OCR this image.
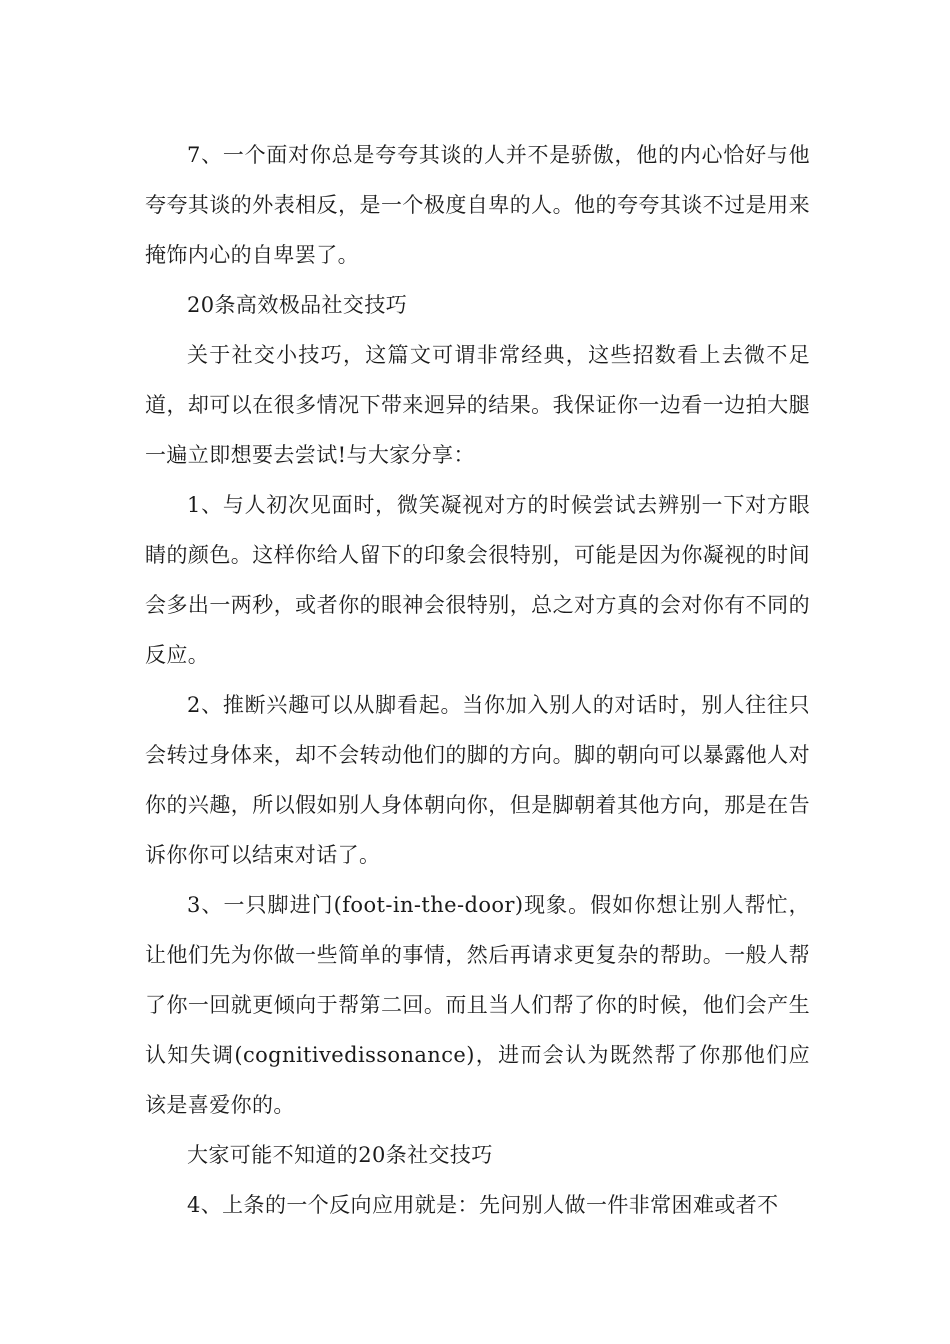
7、一个面对你总是夸夸其谈的人并不是骄傲，他的内心恰好与他夸夸其谈的外表相反，是一个极度自卑的人。他的夸夸其谈不过是用来掩饰内心的自卑罢了。

20条高效极品社交技巧

关于社交小技巧，这篇文可谓非常经典，这些招数看上去微不足道，却可以在很多情况下带来迥异的结果。我保证你一边看一边拍大腿一遍立即想要去尝试!与大家分享：

1、与人初次见面时，微笑凝视对方的时候尝试去辨别一下对方眼睛的颜色。这样你给人留下的印象会很特别，可能是因为你凝视的时间会多出一两秒，或者你的眼神会很特别，总之对方真的会对你有不同的反应。

2、推断兴趣可以从脚看起。当你加入别人的对话时，别人往往只会转过身体来，却不会转动他们的脚的方向。脚的朝向可以暴露他人对你的兴趣，所以假如别人身体朝向你，但是脚朝着其他方向，那是在告诉你你可以结束对话了。

3、一只脚进门(foot-in-the-door)现象。假如你想让别人帮忙，让他们先为你做一些简单的事情，然后再请求更复杂的帮助。一般人帮了你一回就更倾向于帮第二回。而且当人们帮了你的时候，他们会产生认知失调(cognitivedissonance)，进而会认为既然帮了你那他们应该是喜爱你的。

大家可能不知道的20条社交技巧

4、上条的一个反向应用就是：先问别人做一件非常困难或者不
